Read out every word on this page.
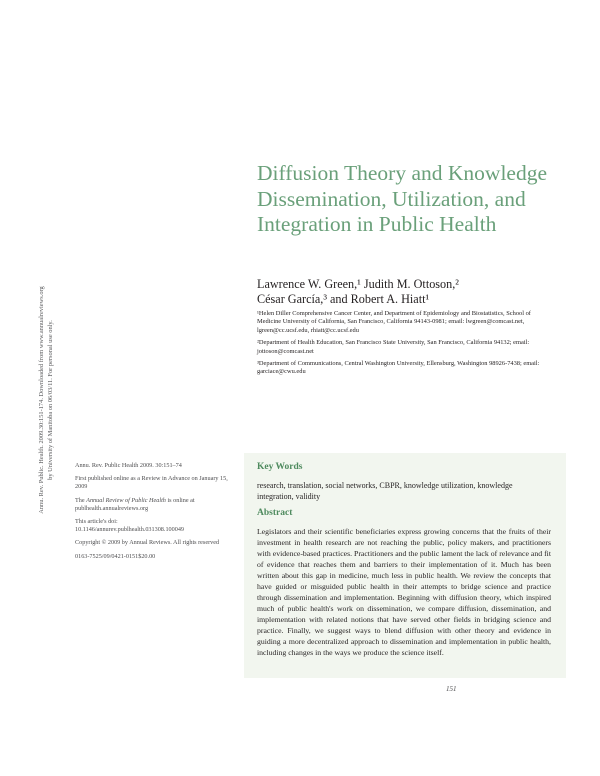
Annu. Rev. Public. Health. 2009.30:151-174. Downloaded from www.annualreviews.org by University of Manitoba on 06/03/11. For personal use only.
Diffusion Theory and Knowledge Dissemination, Utilization, and Integration in Public Health
Lawrence W. Green,¹ Judith M. Ottoson,²
César García,³ and Robert A. Hiatt¹

¹Helen Diller Comprehensive Cancer Center, and Department of Epidemiology and Biostatistics, School of Medicine University of California, San Francisco, California 94143-0981; email: lwgreen@comcast.net, lgreen@cc.ucsf.edu, rhiatt@cc.ucsf.edu

²Department of Health Education, San Francisco State University, San Francisco, California 94132; email: jottoson@comcast.net

³Department of Communications, Central Washington University, Ellensburg, Washington 98926-7438; email: garciace@cwu.edu

Annu. Rev. Public Health 2009. 30:151–74

First published online as a Review in Advance on January 15, 2009

The Annual Review of Public Health is online at publhealth.annualreviews.org

This article's doi:
10.1146/annurev.publhealth.031308.100049

Copyright © 2009 by Annual Reviews. All rights reserved

0163-7525/09/0421-0151$20.00

Key Words
research, translation, social networks, CBPR, knowledge utilization, knowledge integration, validity
Abstract
Legislators and their scientific beneficiaries express growing concerns that the fruits of their investment in health research are not reaching the public, policy makers, and practitioners with evidence-based practices. Practitioners and the public lament the lack of relevance and fit of evidence that reaches them and barriers to their implementation of it. Much has been written about this gap in medicine, much less in public health. We review the concepts that have guided or misguided public health in their attempts to bridge science and practice through dissemination and implementation. Beginning with diffusion theory, which inspired much of public health's work on dissemination, we compare diffusion, dissemination, and implementation with related notions that have served other fields in bridging science and practice. Finally, we suggest ways to blend diffusion with other theory and evidence in guiding a more decentralized approach to dissemination and implementation in public health, including changes in the ways we produce the science itself.
151
